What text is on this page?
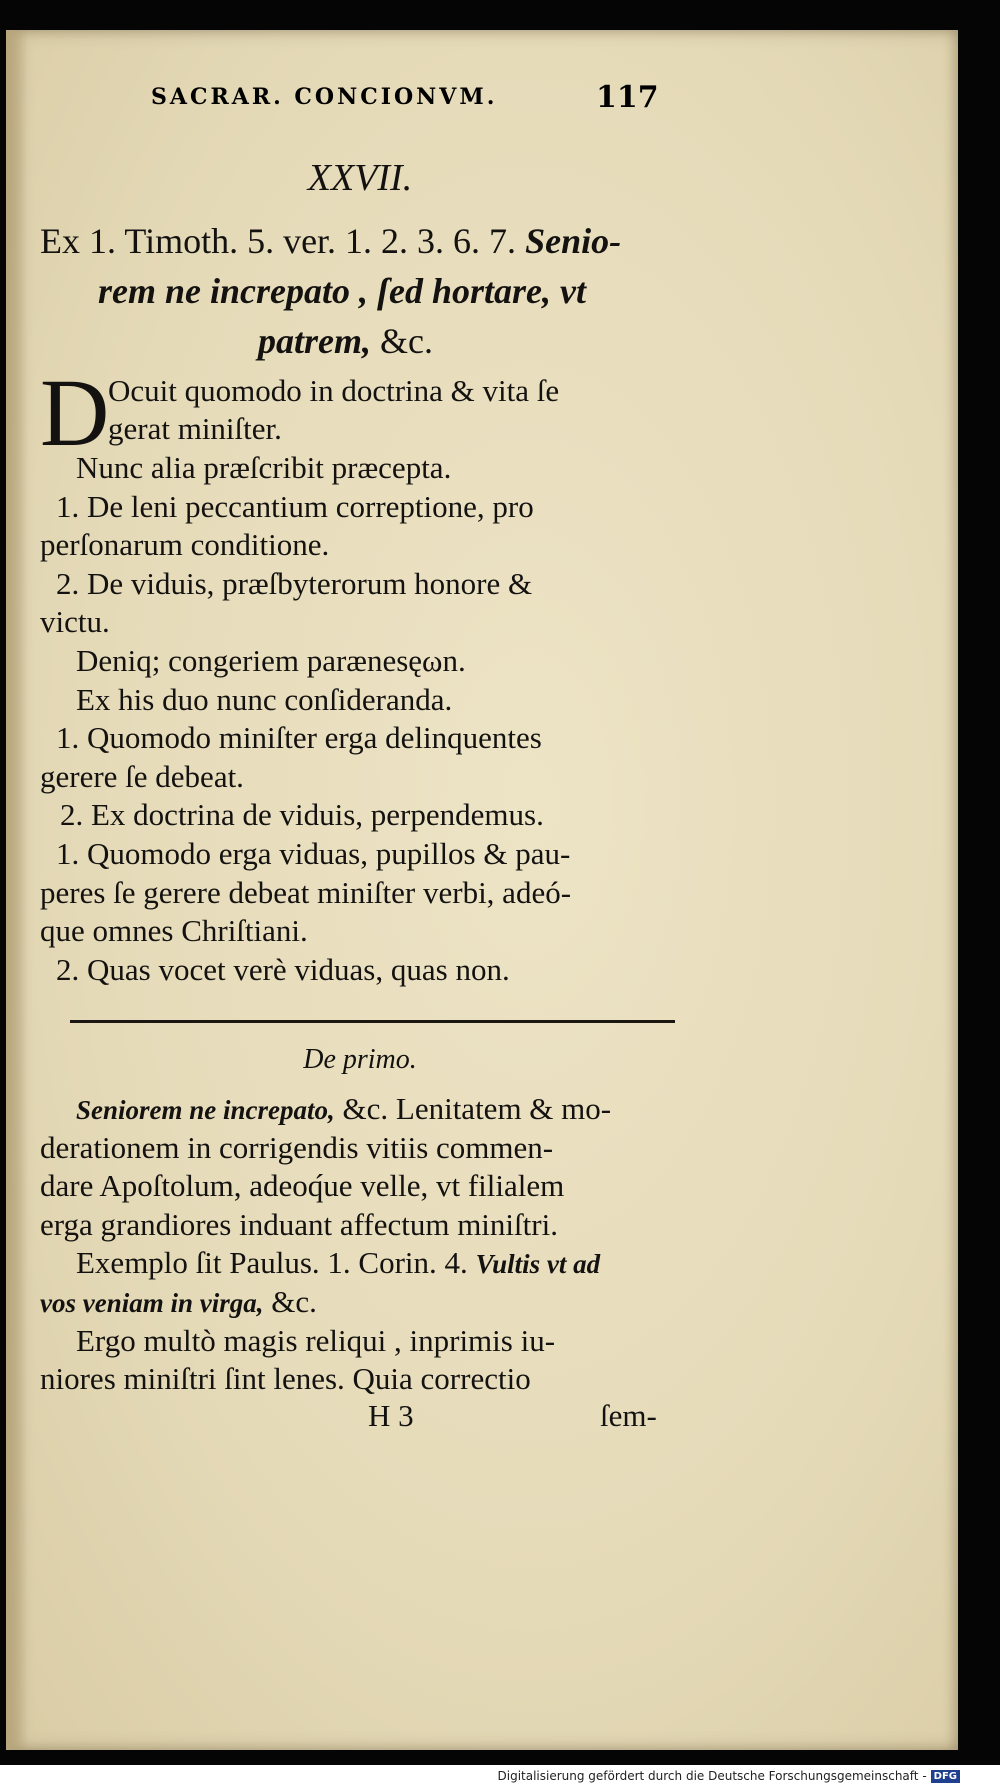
SACRAR. CONCIONVM.	117
XXVII.
Ex 1. Timoth. 5. ver. 1. 2. 3. 6. 7. Senio-
rem ne increpato , ſed hortare, vt
patrem, &c.
D
Ocuit quomodo in doctrina & vita ſe
gerat miniſter.
Nunc alia præſcribit præcepta.
1. De leni peccantium correptione, pro
perſonarum conditione.
2. De viduis, præſbyterorum honore &
victu.
Deniq; congeriem parænesęωn.
Ex his duo nunc conſideranda.
1. Quomodo miniſter erga delinquentes
gerere ſe debeat.
2. Ex doctrina de viduis, perpendemus.
1. Quomodo erga viduas, pupillos & pau-
peres ſe gerere debeat miniſter verbi, adeó-
que omnes Chriſtiani.
2. Quas vocet verè viduas, quas non.
De primo.
Seniorem ne increpato, &c. Lenitatem & mo-
derationem in corrigendis vitiis commen-
dare Apoſtolum, adeoq́ue velle, vt filialem
erga grandiores induant affectum miniſtri.
Exemplo ſit Paulus. 1. Corin. 4. Vultis vt ad
vos veniam in virga, &c.
Ergo multò magis reliqui , inprimis iu-
niores miniſtri ſint lenes. Quia correctio
H 3	ſem-
Digitalisierung gefördert durch die Deutsche Forschungsgemeinschaft - DFG
